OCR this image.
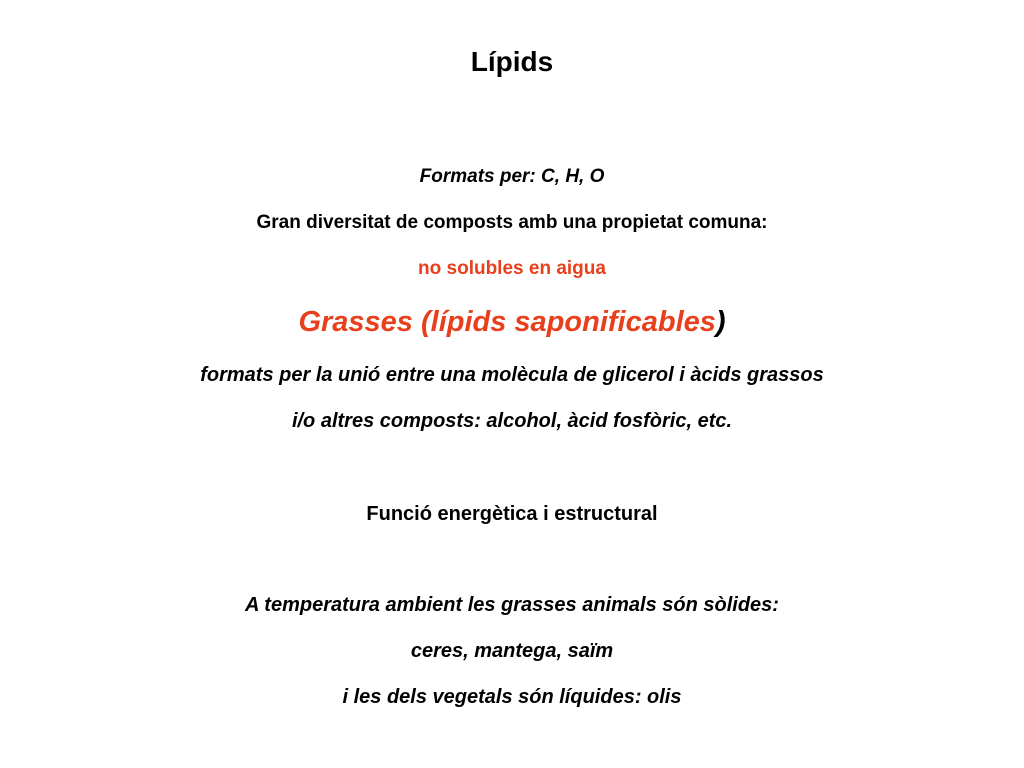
Lípids
Formats per: C, H, O
Gran diversitat de composts amb una propietat comuna:
no solubles en aigua
Grasses (lípids saponificables)
formats per la unió entre una molècula de glicerol i àcids grassos
i/o altres composts: alcohol, àcid fosfòric, etc.
Funció energètica i estructural
A temperatura ambient les grasses animals són sòlides:
ceres, mantega, saïm
i les dels vegetals són líquides: olis
